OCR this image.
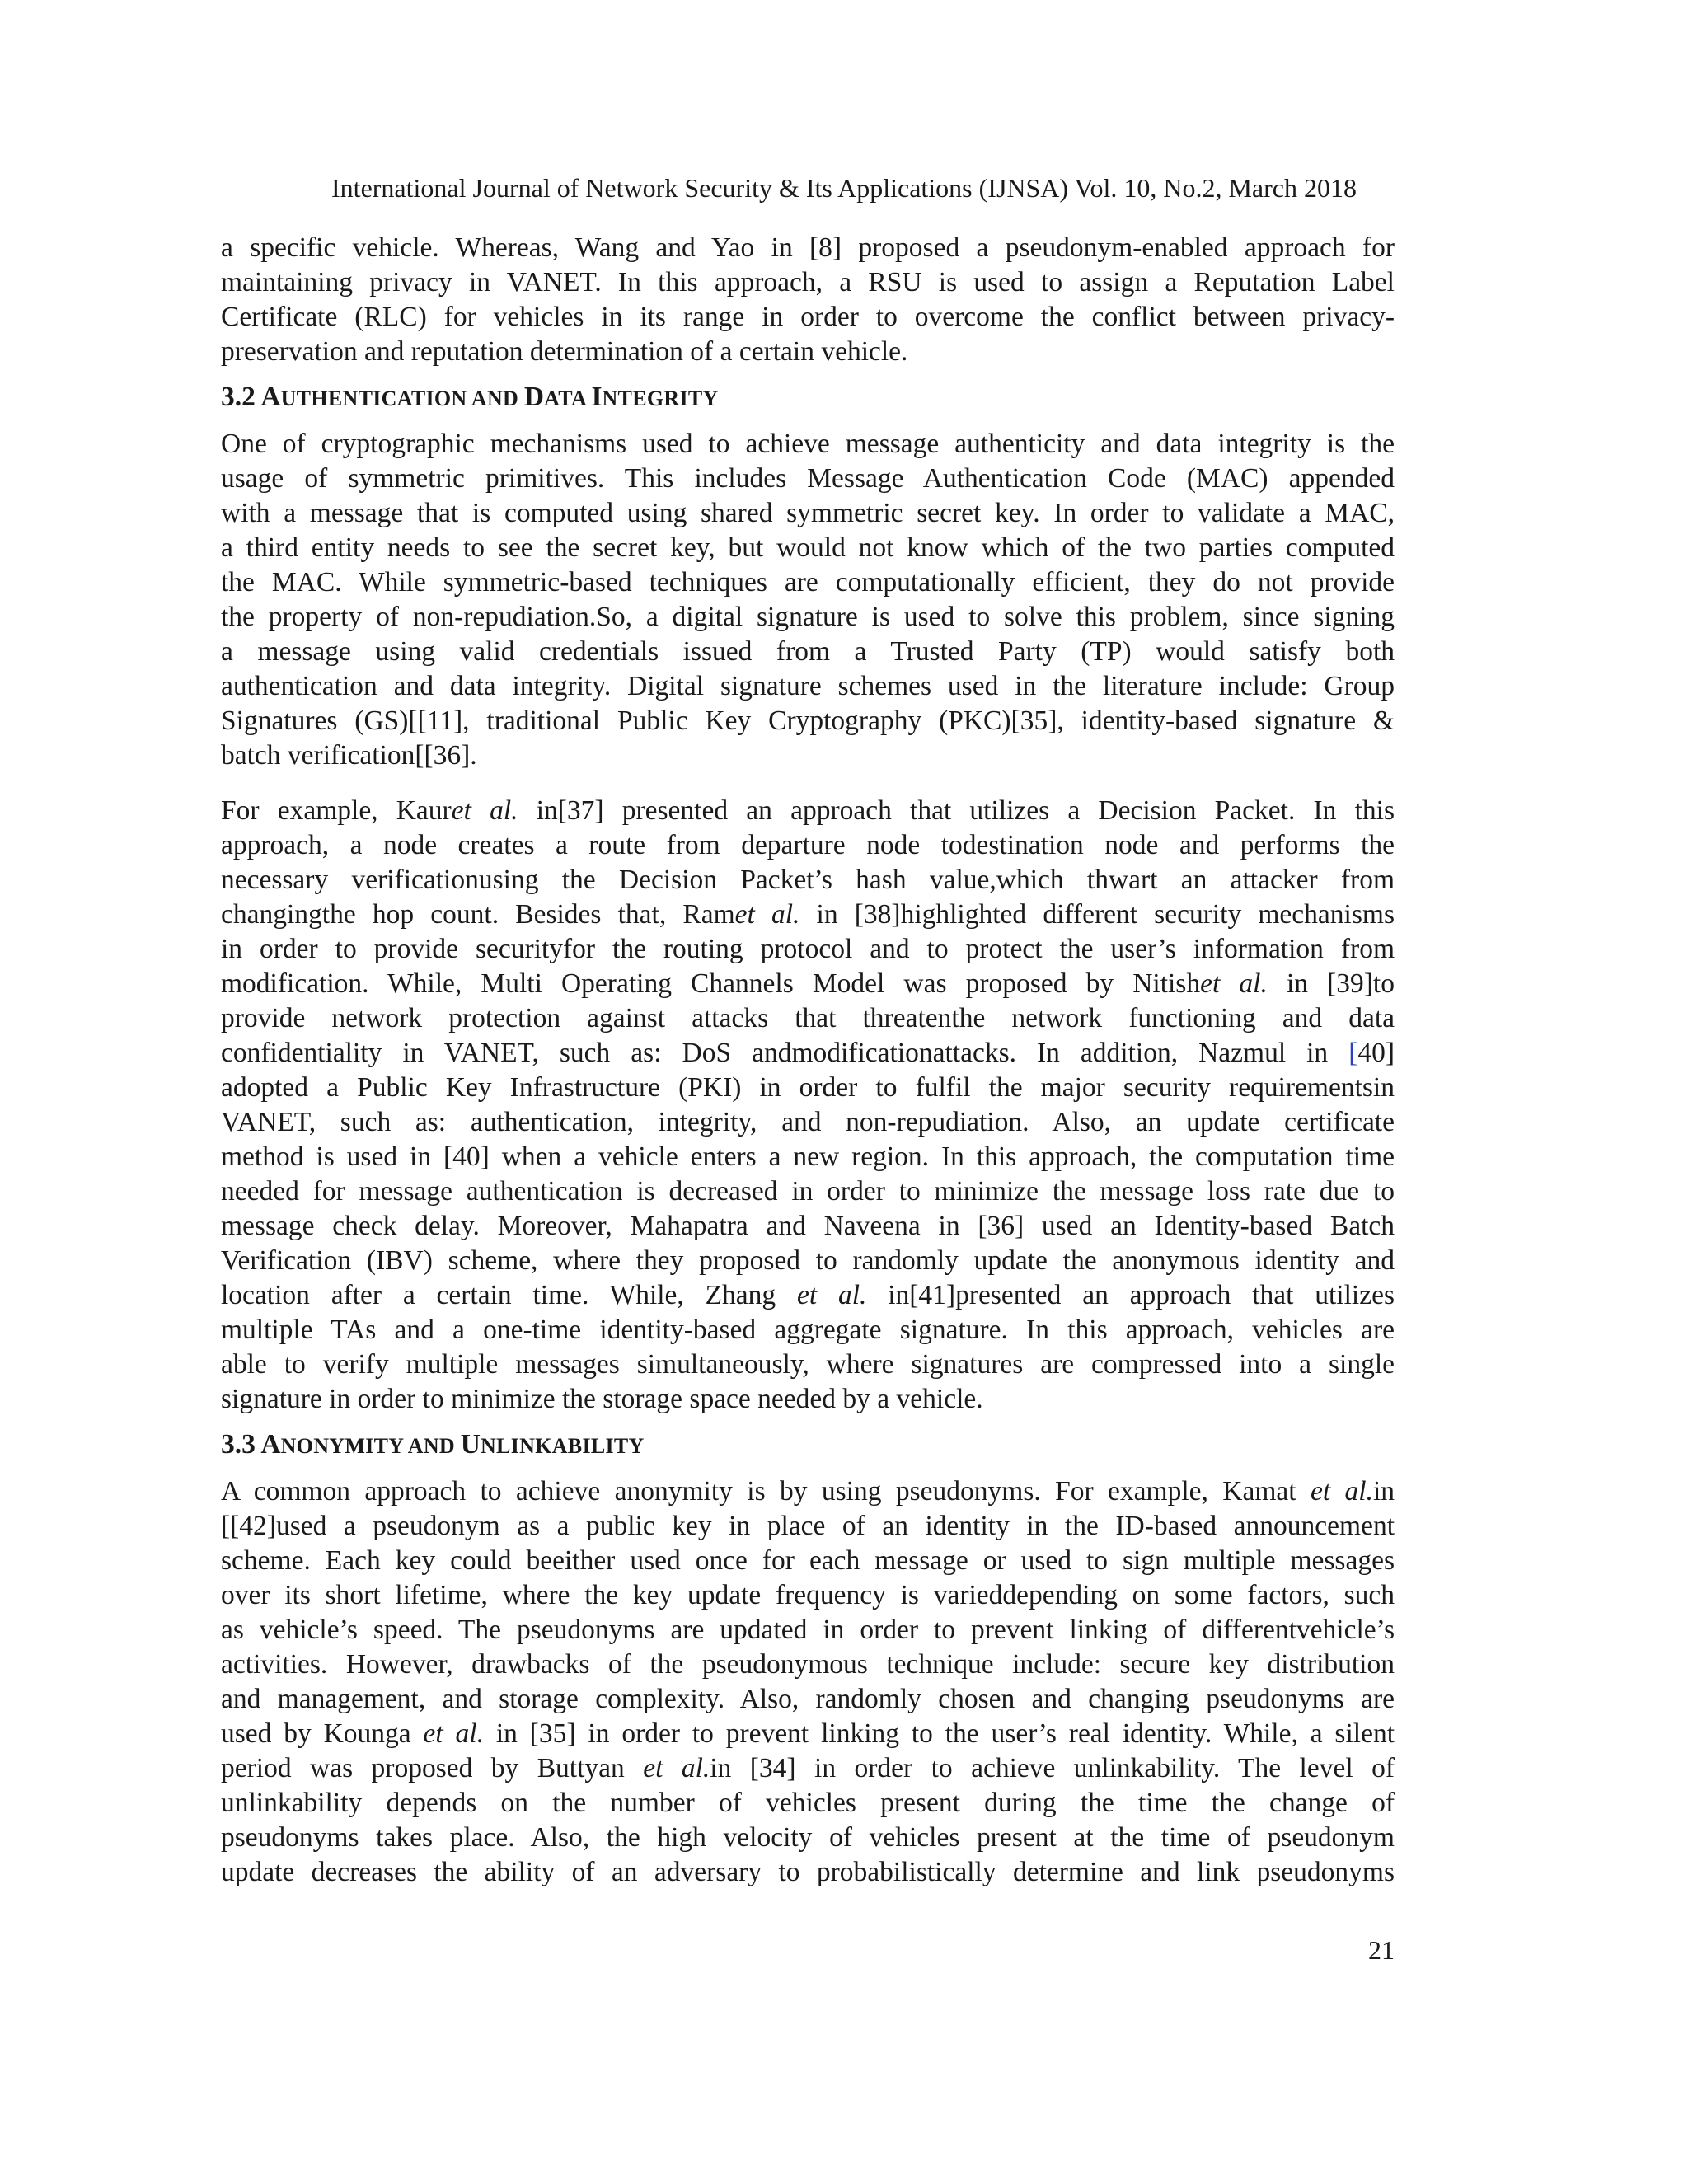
International Journal of Network Security & Its Applications (IJNSA) Vol. 10, No.2, March 2018

a specific vehicle. Whereas, Wang and Yao in [8] proposed a pseudonym-enabled approach for
maintaining privacy in VANET. In this approach, a RSU is used to assign a Reputation Label
Certificate (RLC) for vehicles in its range in order to overcome the conflict between privacy-
preservation and reputation determination of a certain vehicle.

3.2 AUTHENTICATION AND DATA INTEGRITY

One of cryptographic mechanisms used to achieve message authenticity and data integrity is the
usage of symmetric primitives. This includes Message Authentication Code (MAC) appended
with a message that is computed using shared symmetric secret key. In order to validate a MAC,
a third entity needs to see the secret key, but would not know which of the two parties computed
the MAC. While symmetric-based techniques are computationally efficient, they do not provide
the property of non-repudiation.So, a digital signature is used to solve this problem, since signing
a message using valid credentials issued from a Trusted Party (TP) would satisfy both
authentication and data integrity. Digital signature schemes used in the literature include: Group
Signatures (GS)[[11], traditional Public Key Cryptography (PKC)[35], identity-based signature &
batch verification[[36].

For example, Kauret al. in[37] presented an approach that utilizes a Decision Packet. In this
approach, a node creates a route from departure node todestination node and performs the
necessary verificationusing the Decision Packet’s hash value,which thwart an attacker from
changingthe hop count. Besides that, Ramet al. in [38]highlighted different security mechanisms
in order to provide securityfor the routing protocol and to protect the user’s information from
modification. While, Multi Operating Channels Model was proposed by Nitishet al. in [39]to
provide network protection against attacks that threatenthe network functioning and data
confidentiality in VANET, such as: DoS andmodificationattacks. In addition, Nazmul in [40]
adopted a Public Key Infrastructure (PKI) in order to fulfil the major security requirementsin
VANET, such as: authentication, integrity, and non-repudiation. Also, an update certificate
method is used in [40] when a vehicle enters a new region. In this approach, the computation time
needed for message authentication is decreased in order to minimize the message loss rate due to
message check delay. Moreover, Mahapatra and Naveena in [36] used an Identity-based Batch
Verification (IBV) scheme, where they proposed to randomly update the anonymous identity and
location after a certain time. While, Zhang et al. in[41]presented an approach that utilizes
multiple TAs and a one-time identity-based aggregate signature. In this approach, vehicles are
able to verify multiple messages simultaneously, where signatures are compressed into a single
signature in order to minimize the storage space needed by a vehicle.

3.3 ANONYMITY AND UNLINKABILITY

A common approach to achieve anonymity is by using pseudonyms. For example, Kamat et al.in
[[42]used a pseudonym as a public key in place of an identity in the ID-based announcement
scheme. Each key could beeither used once for each message or used to sign multiple messages
over its short lifetime, where the key update frequency is varieddepending on some factors, such
as vehicle’s speed. The pseudonyms are updated in order to prevent linking of differentvehicle’s
activities. However, drawbacks of the pseudonymous technique include: secure key distribution
and management, and storage complexity. Also, randomly chosen and changing pseudonyms are
used by Kounga et al. in [35] in order to prevent linking to the user’s real identity. While, a silent
period was proposed by Buttyan et al.in [34] in order to achieve unlinkability. The level of
unlinkability depends on the number of vehicles present during the time the change of
pseudonyms takes place. Also, the high velocity of vehicles present at the time of pseudonym
update decreases the ability of an adversary to probabilistically determine and link pseudonyms

21
